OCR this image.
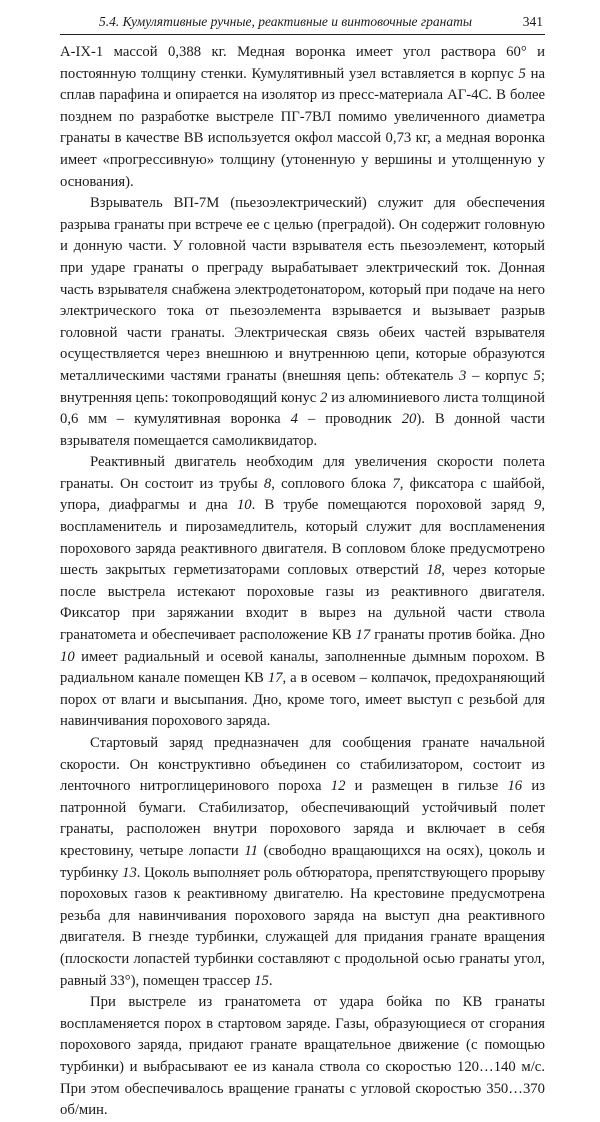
5.4. Кумулятивные ручные, реактивные и винтовочные гранаты	341

А-IX-1 массой 0,388 кг. Медная воронка имеет угол раствора 60° и постоянную толщину стенки. Кумулятивный узел вставляется в корпус 5 на сплав парафина и опирается на изолятор из пресс-материала АГ-4С. В более позднем по разработке выстреле ПГ-7ВЛ помимо увеличенного диаметра гранаты в качестве ВВ используется окфол массой 0,73 кг, а медная воронка имеет «прогрессивную» толщину (утоненную у вершины и утолщенную у основания).

Взрыватель ВП-7М (пьезоэлектрический) служит для обеспечения разрыва гранаты при встрече ее с целью (преградой). Он содержит головную и донную части. У головной части взрывателя есть пьезоэлемент, который при ударе гранаты о преграду вырабатывает электрический ток. Донная часть взрывателя снабжена электродетонатором, который при подаче на него электрического тока от пьезоэлемента взрывается и вызывает разрыв головной части гранаты. Электрическая связь обеих частей взрывателя осуществляется через внешнюю и внутреннюю цепи, которые образуются металлическими частями гранаты (внешняя цепь: обтекатель 3 – корпус 5; внутренняя цепь: токопроводящий конус 2 из алюминиевого листа толщиной 0,6 мм – кумулятивная воронка 4 – проводник 20). В донной части взрывателя помещается самоликвидатор.

Реактивный двигатель необходим для увеличения скорости полета гранаты. Он состоит из трубы 8, соплового блока 7, фиксатора с шайбой, упора, диафрагмы и дна 10. В трубе помещаются пороховой заряд 9, воспламенитель и пирозамедлитель, который служит для воспламенения порохового заряда реактивного двигателя. В сопловом блоке предусмотрено шесть закрытых герметизаторами сопловых отверстий 18, через которые после выстрела истекают пороховые газы из реактивного двигателя. Фиксатор при заряжании входит в вырез на дульной части ствола гранатомета и обеспечивает расположение КВ 17 гранаты против бойка. Дно 10 имеет радиальный и осевой каналы, заполненные дымным порохом. В радиальном канале помещен КВ 17, а в осевом – колпачок, предохраняющий порох от влаги и высыпания. Дно, кроме того, имеет выступ с резьбой для навинчивания порохового заряда.

Стартовый заряд предназначен для сообщения гранате начальной скорости. Он конструктивно объединен со стабилизатором, состоит из ленточного нитроглицеринового пороха 12 и размещен в гильзе 16 из патронной бумаги. Стабилизатор, обеспечивающий устойчивый полет гранаты, расположен внутри порохового заряда и включает в себя крестовину, четыре лопасти 11 (свободно вращающихся на осях), цоколь и турбинку 13. Цоколь выполняет роль обтюратора, препятствующего прорыву пороховых газов к реактивному двигателю. На крестовине предусмотрена резьба для навинчивания порохового заряда на выступ дна реактивного двигателя. В гнезде турбинки, служащей для придания гранате вращения (плоскости лопастей турбинки составляют с продольной осью гранаты угол, равный 33°), помещен трассер 15.

При выстреле из гранатомета от удара бойка по КВ гранаты воспламеняется порох в стартовом заряде. Газы, образующиеся от сгорания порохового заряда, придают гранате вращательное движение (с помощью турбинки) и выбрасывают ее из канала ствола со скоростью 120…140 м/с. При этом обеспечивалось вращение гранаты с угловой скоростью 350…370 об/мин.
